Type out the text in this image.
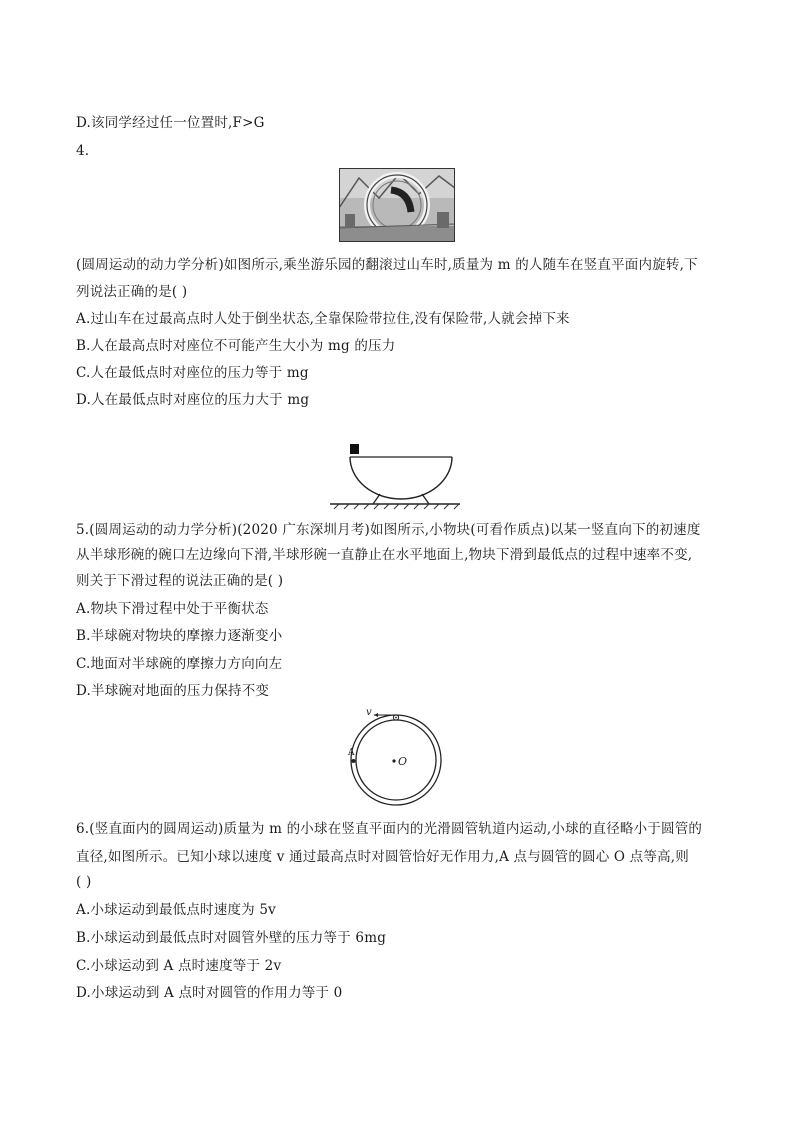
D.该同学经过任一位置时,F>G
4.
(圆周运动的动力学分析)如图所示,乘坐游乐园的翻滚过山车时,质量为 m 的人随车在竖直平面内旋转,下
列说法正确的是( )
A.过山车在过最高点时人处于倒坐状态,全靠保险带拉住,没有保险带,人就会掉下来
B.人在最高点时对座位不可能产生大小为 mg 的压力
C.人在最低点时对座位的压力等于 mg
D.人在最低点时对座位的压力大于 mg
5.(圆周运动的动力学分析)(2020 广东深圳月考)如图所示,小物块(可看作质点)以某一竖直向下的初速度
从半球形碗的碗口左边缘向下滑,半球形碗一直静止在水平地面上,物块下滑到最低点的过程中速率不变,
则关于下滑过程的说法正确的是( )
A.物块下滑过程中处于平衡状态
B.半球碗对物块的摩擦力逐渐变小
C.地面对半球碗的摩擦力方向向左
D.半球碗对地面的压力保持不变
v
A
O
6.(竖直面内的圆周运动)质量为 m 的小球在竖直平面内的光滑圆管轨道内运动,小球的直径略小于圆管的
直径,如图所示。已知小球以速度 v 通过最高点时对圆管恰好无作用力,A 点与圆管的圆心 O 点等高,则
( )
A.小球运动到最低点时速度为 5v
B.小球运动到最低点时对圆管外壁的压力等于 6mg
C.小球运动到 A 点时速度等于 2v
D.小球运动到 A 点时对圆管的作用力等于 0
